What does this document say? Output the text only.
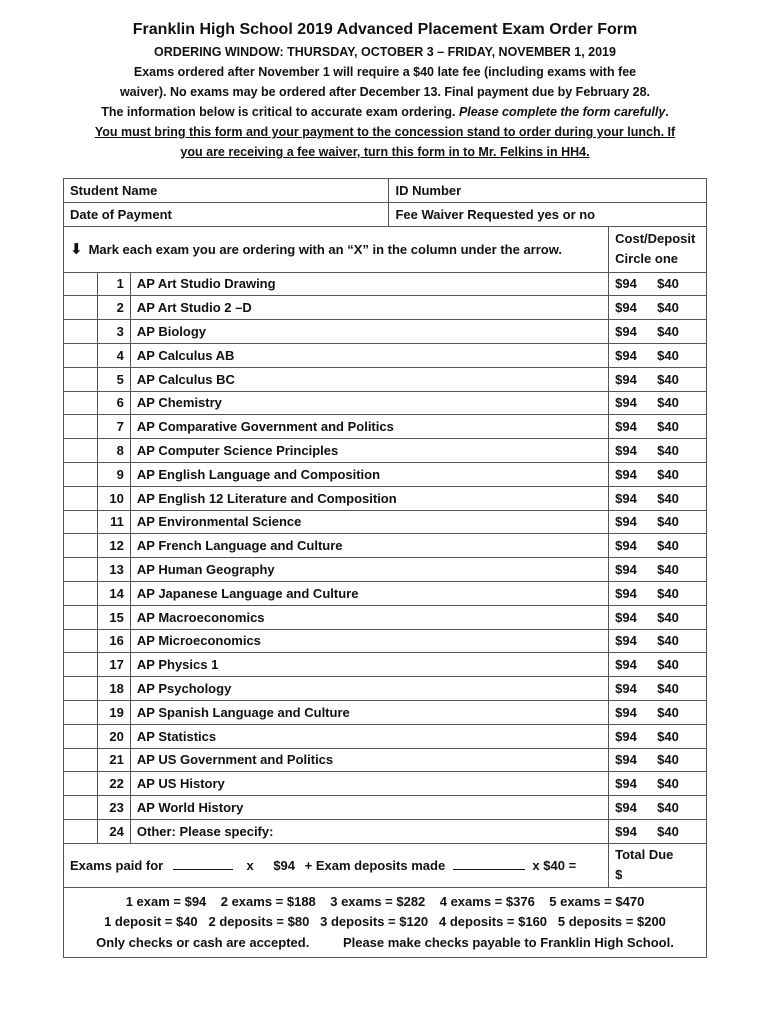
Franklin High School 2019 Advanced Placement Exam Order Form
ORDERING WINDOW: THURSDAY, OCTOBER 3 – FRIDAY, NOVEMBER 1, 2019
Exams ordered after November 1 will require a $40 late fee (including exams with fee
waiver). No exams may be ordered after December 13. Final payment due by February 28.
The information below is critical to accurate exam ordering. Please complete the form carefully.
You must bring this form and your payment to the concession stand to order during your lunch. If
you are receiving a fee waiver, turn this form in to Mr. Felkins in HH4.
Student Name			ID Number	
Date of Payment			Fee Waiver Requested yes or no	
⬇ Mark each exam you are ordering with an “X” in the column under the arrow.				Cost/Deposit
Circle one

	1	AP Art Studio Drawing		$94 $40
	2	AP Art Studio 2 –D		$94 $40
	3	AP Biology		$94 $40
	4	AP Calculus AB		$94 $40
	5	AP Calculus BC		$94 $40
	6	AP Chemistry		$94 $40
	7	AP Comparative Government and Politics		$94 $40
	8	AP Computer Science Principles		$94 $40
	9	AP English Language and Composition		$94 $40
	10	AP English 12 Literature and Composition		$94 $40
	11	AP Environmental Science		$94 $40
	12	AP French Language and Culture		$94 $40
	13	AP Human Geography		$94 $40
	14	AP Japanese Language and Culture		$94 $40
	15	AP Macroeconomics		$94 $40
	16	AP Microeconomics		$94 $40
	17	AP Physics 1		$94 $40
	18	AP Psychology		$94 $40
	19	AP Spanish Language and Culture		$94 $40
	20	AP Statistics		$94 $40
	21	AP US Government and Politics		$94 $40
	22	AP US History		$94 $40
	23	AP World History		$94 $40
	24	Other: Please specify:		$94 $40
Exams paid for x $94 + Exam deposits made x $40 =				Total Due
$

1 exam = $94    2 exams = $188    3 exams = $282    4 exams = $376    5 exams = $470
1 deposit = $40   2 deposits = $80   3 deposits = $120   4 deposits = $160   5 deposits = $200
Only checks or cash are accepted. Please make checks payable to Franklin High School.				
